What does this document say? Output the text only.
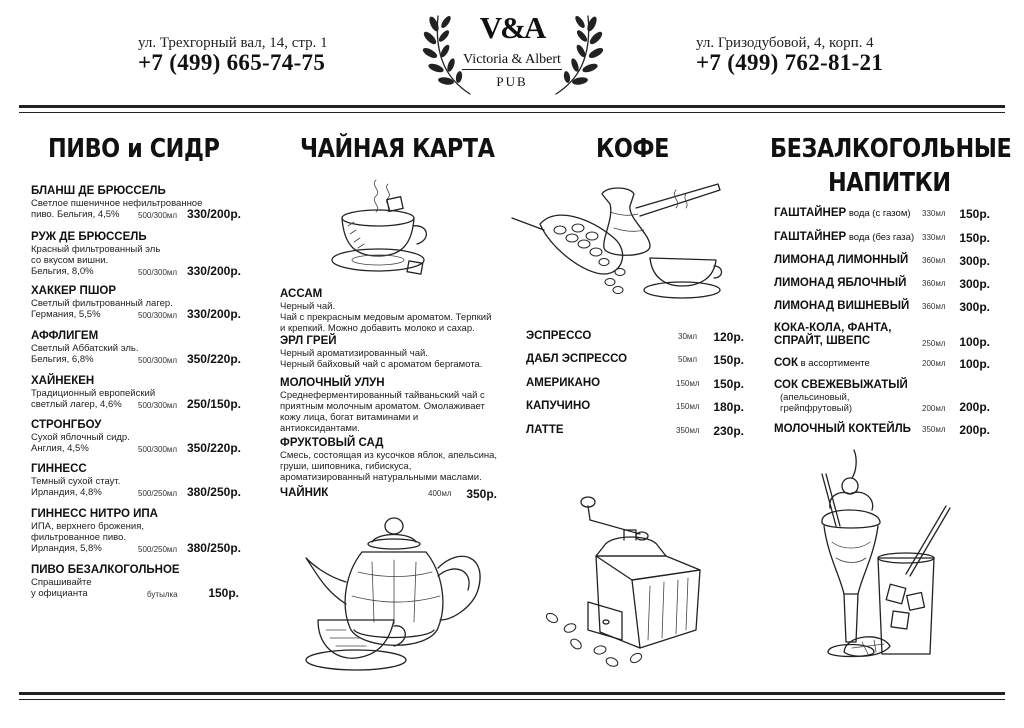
ул. Трехгорный вал, 14, стр. 1
+7 (499) 665-74-75
ул. Гризодубовой, 4, корп. 4
+7 (499) 762-81-21
V&A
Victoria & Albert
PUB
ПИВО и СИДР
БЛАНШ ДЕ БРЮССЕЛЬ
Светлое пшеничное нефильтрованное
пиво. Бельгия, 4,5%	500/300мл 330/200р.
РУЖ ДЕ БРЮССЕЛЬ
Красный фильтрованный эль
со вкусом вишни.
Бельгия, 8,0%	500/300мл 330/200р.
ХАККЕР ПШОР
Светлый фильтрованный лагер.
Германия, 5,5%	500/300мл 330/200р.
АФФЛИГЕМ
Светлый Аббатский эль.
Бельгия, 6,8%	500/300мл 350/220р.
ХАЙНЕКЕН
Традиционный европейский
светлый лагер, 4,6%	500/300мл 250/150р.
СТРОНГБОУ
Сухой яблочный сидр.
Англия, 4,5%	500/300мл 350/220р.
ГИННЕСС
Темный сухой стаут.
Ирландия, 4,8%	500/250мл 380/250р.
ГИННЕСС НИТРО ИПА
ИПА, верхнего брожения,
фильтрованное пиво.
Ирландия, 5,8%	500/250мл 380/250р.
ПИВО БЕЗАЛКОГОЛЬНОЕ
Спрашивайте
у официанта	бутылка	150р.
ЧАЙНАЯ КАРТА
АССАМ
Черный чай.
Чай с прекрасным медовым ароматом. Терпкий
и крепкий. Можно добавить молоко и сахар.
ЭРЛ ГРЕЙ
Черный ароматизированный чай.
Черный байховый чай с ароматом бергамота.
МОЛОЧНЫЙ УЛУН
Среднеферментированный тайваньский чай с
приятным молочным ароматом. Омолаживает
кожу лица, богат витаминами и
антиоксидантами.
ФРУКТОВЫЙ САД
Смесь, состоящая из кусочков яблок, апельсина,
груши, шиповника, гибискуса,
ароматизированный натуральными маслами.
ЧАЙНИК	400мл 350р.
КОФЕ
ЭСПРЕССО	30мл 120р.
ДАБЛ ЭСПРЕССО	50мл 150р.
АМЕРИКАНО	150мл 150р.
КАПУЧИНО	150мл 180р.
ЛАТТЕ	350мл 230р.
БЕЗАЛКОГОЛЬНЫЕ
НАПИТКИ
ГАШТАЙНЕР вода (с газом) 330мл 150р.
ГАШТАЙНЕР вода (без газа) 330мл 150р.
ЛИМОНАД ЛИМОННЫЙ 360мл 300р.
ЛИМОНАД ЯБЛОЧНЫЙ 360мл 300р.
ЛИМОНАД ВИШНЕВЫЙ 360мл 300р.
КОКА-КОЛА, ФАНТА,
СПРАЙТ, ШВЕПС	250мл 100р.
СОК в ассортименте	200мл 100р.
СОК СВЕЖЕВЫЖАТЫЙ
(апельсиновый,
грейпфрутовый)	200мл 200р.
МОЛОЧНЫЙ КОКТЕЙЛЬ 350мл 200р.
